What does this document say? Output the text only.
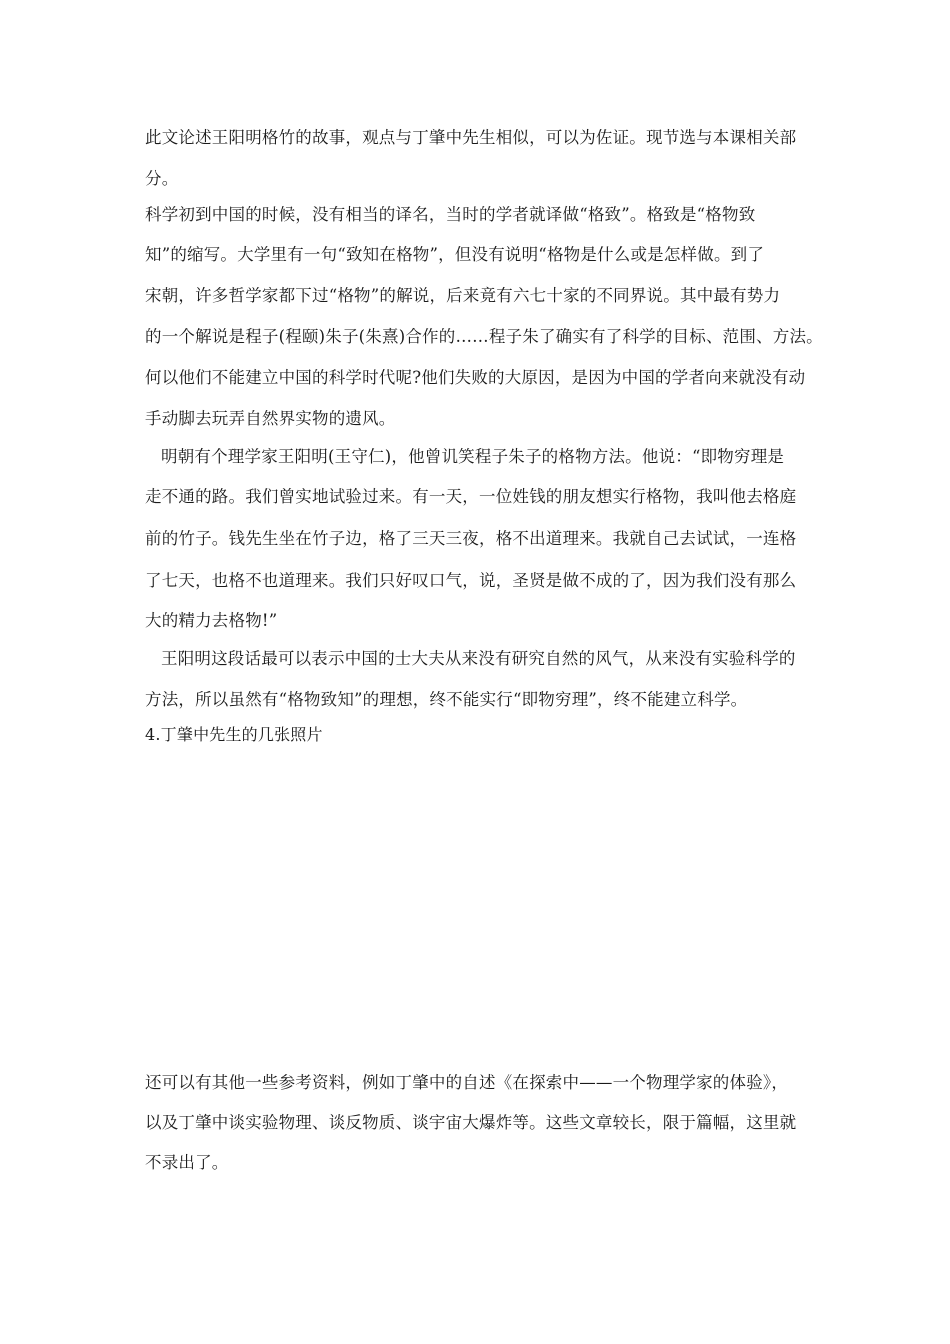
此文论述王阳明格竹的故事，观点与丁肇中先生相似，可以为佐证。现节选与本课相关部
分。
科学初到中国的时候，没有相当的译名，当时的学者就译做“格致”。格致是“格物致
知”的缩写。大学里有一句“致知在格物”，但没有说明“格物是什么或是怎样做。到了
宋朝，许多哲学家都下过“格物”的解说，后来竟有六七十家的不同界说。其中最有势力
的一个解说是程子(程颐)朱子(朱熹)合作的……程子朱了确实有了科学的目标、范围、方法。
何以他们不能建立中国的科学时代呢?他们失败的大原因，是因为中国的学者向来就没有动
手动脚去玩弄自然界实物的遗风。
明朝有个理学家王阳明(王守仁)，他曾讥笑程子朱子的格物方法。他说：“即物穷理是
走不通的路。我们曾实地试验过来。有一天，一位姓钱的朋友想实行格物，我叫他去格庭
前的竹子。钱先生坐在竹子边，格了三天三夜，格不出道理来。我就自己去试试，一连格
了七天，也格不也道理来。我们只好叹口气，说，圣贤是做不成的了，因为我们没有那么
大的精力去格物!”
王阳明这段话最可以表示中国的士大夫从来没有研究自然的风气，从来没有实验科学的
方法，所以虽然有“格物致知”的理想，终不能实行“即物穷理”，终不能建立科学。
4.丁肇中先生的几张照片
还可以有其他一些参考资料，例如丁肇中的自述《在探索中——一个物理学家的体验》，
以及丁肇中谈实验物理、谈反物质、谈宇宙大爆炸等。这些文章较长，限于篇幅，这里就
不录出了。
